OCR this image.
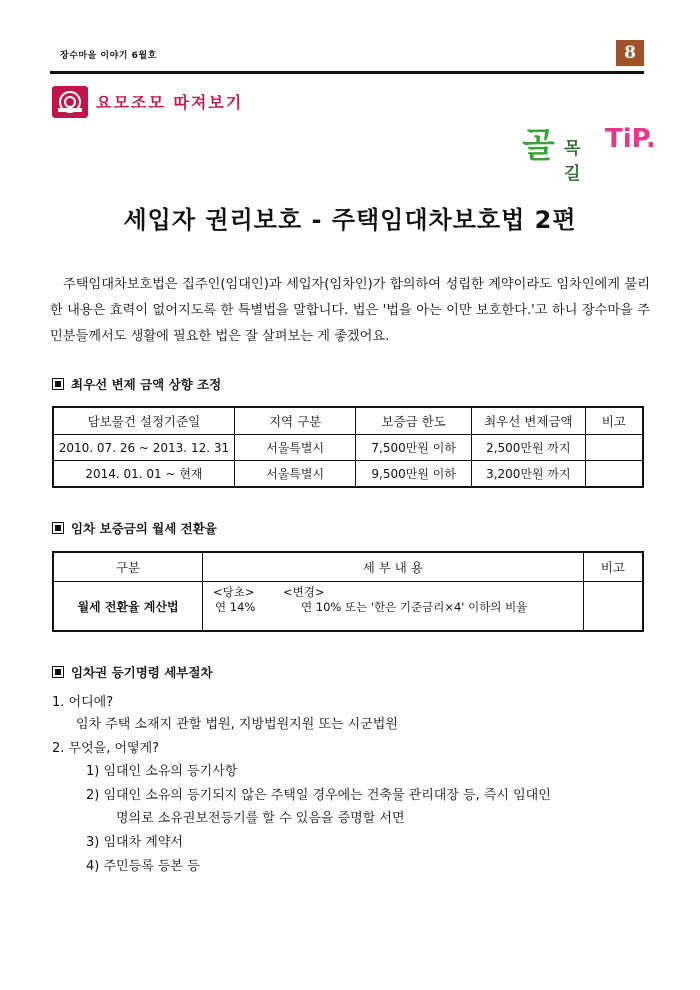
장수마을 이야기 6월호	8
요모조모 따져보기
골 목길
TiP.
세입자 권리보호 - 주택임대차보호법 2편
주택임대차보호법은 집주인(임대인)과 세입자(임차인)가 합의하여 성립한 계약이라도 임차인에게 불리한 내용은 효력이 없어지도록 한 특별법을 말합니다. 법은 '법을 아는 이만 보호한다.'고 하니 장수마을 주민분들께서도 생활에 필요한 법은 잘 살펴보는 게 좋겠어요.
최우선 변제 금액 상향 조정
담보물건 설정기준일	지역 구분	보증금 한도	최우선 변제금액	비고
2010. 07. 26 ~ 2013. 12. 31	서울특별시	7,500만원 이하	2,500만원 까지	
2014. 01. 01 ~ 현재	서울특별시	9,500만원 이하	3,200만원 까지	
임차 보증금의 월세 전환율
구분	세 부 내 용	비고
월세 전환율 계산법	<당초> <변경>
연 14% 연 10% 또는 '한은 기준금리×4' 이하의 비율	

임차권 등기명령 세부절차
1. 어디에?
임차 주택 소재지 관할 법원, 지방법원지원 또는 시군법원
2. 무엇을, 어떻게?
1) 임대인 소유의 등기사항
2) 임대인 소유의 등기되지 않은 주택일 경우에는 건축물 관리대장 등, 즉시 임대인
명의로 소유권보전등기를 할 수 있음을 증명할 서면
3) 임대차 계약서
4) 주민등록 등본 등
